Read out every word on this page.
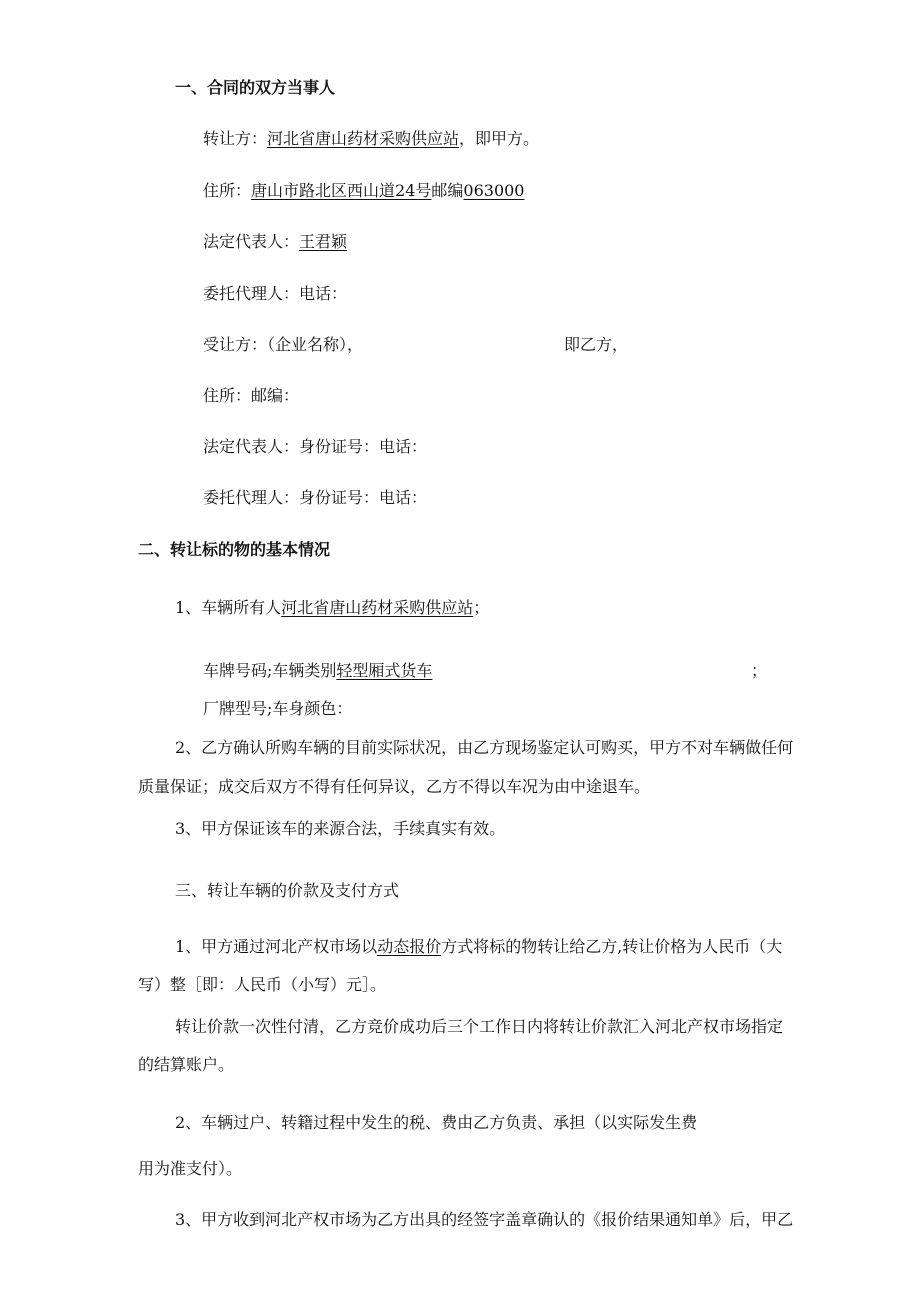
一、合同的双方当事人
转让方：河北省唐山药材采购供应站，即甲方。
住所：唐山市路北区西山道24号邮编063000
法定代表人：王君颖
委托代理人：电话：
受让方：（企业名称），	即乙方，
住所：邮编：
法定代表人：身份证号：电话：
委托代理人：身份证号：电话：
二、转让标的物的基本情况
1、车辆所有人河北省唐山药材采购供应站；
车牌号码;车辆类别轻型厢式货车	；
厂牌型号;车身颜色：
2、乙方确认所购车辆的目前实际状况，由乙方现场鉴定认可购买，甲方不对车辆做任何
质量保证；成交后双方不得有任何异议，乙方不得以车况为由中途退车。
3、甲方保证该车的来源合法，手续真实有效。
三、转让车辆的价款及支付方式
1、甲方通过河北产权市场以动态报价方式将标的物转让给乙方,转让价格为人民币（大
写）整［即：人民币（小写）元］。
转让价款一次性付清，乙方竞价成功后三个工作日内将转让价款汇入河北产权市场指定
的结算账户。
2、车辆过户、转籍过程中发生的税、费由乙方负责、承担（以实际发生费
用为准支付）。
3、甲方收到河北产权市场为乙方出具的经签字盖章确认的《报价结果通知单》后，甲乙
